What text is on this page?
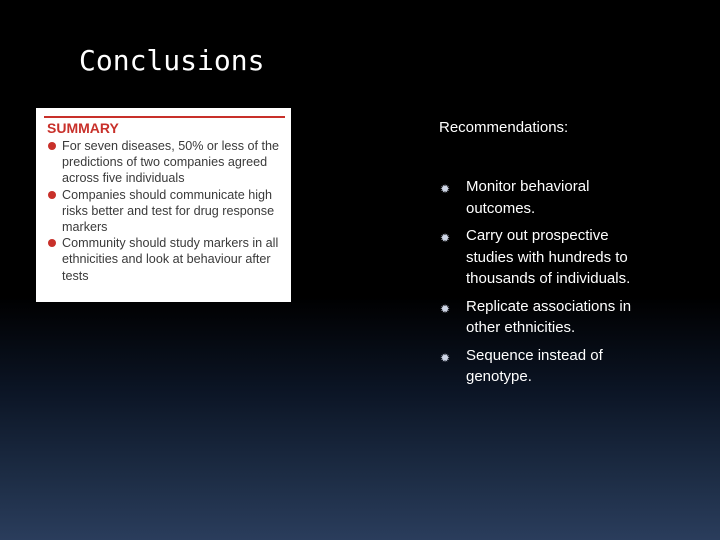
Conclusions
SUMMARY
For seven diseases, 50% or less of the predictions of two companies agreed across five individuals
Companies should communicate high risks better and test for drug response markers
Community should study markers in all ethnicities and look at behaviour after tests
Recommendations:
✹ Monitor behavioral outcomes.
✹ Carry out prospective studies with hundreds to thousands of individuals.
✹ Replicate associations in other ethnicities.
✹ Sequence instead of genotype.
